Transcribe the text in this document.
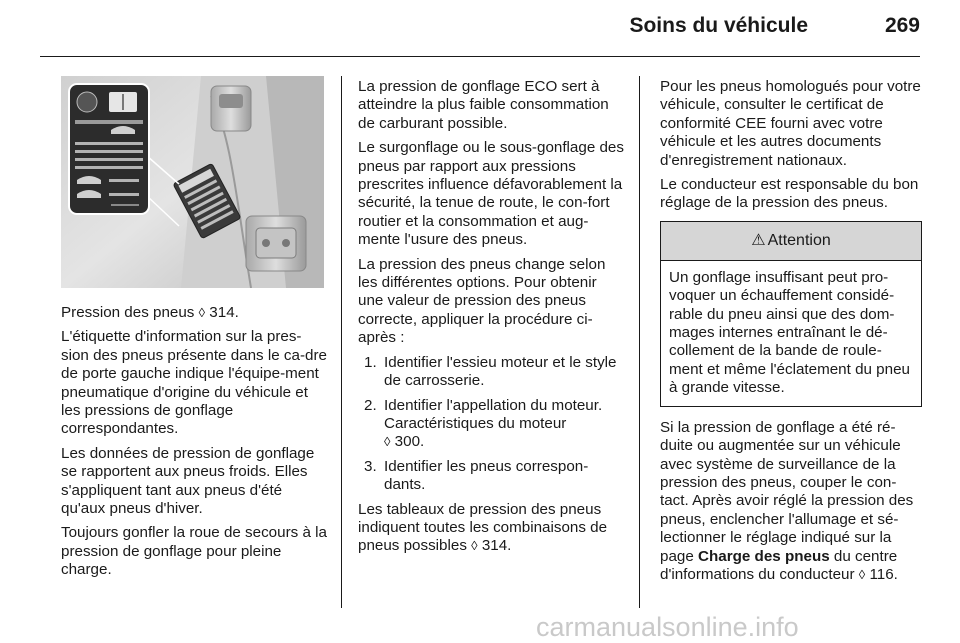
Soins du véhicule	269

Pression des pneus ◊ 314.

L'étiquette d'information sur la pres-sion des pneus présente dans le ca-dre de porte gauche indique l'équipe-ment pneumatique d'origine du véhicule et les pressions de gonflage correspondantes.

Les données de pression de gonflage se rapportent aux pneus froids. Elles s'appliquent tant aux pneus d'été qu'aux pneus d'hiver.

Toujours gonfler la roue de secours à la pression de gonflage pour pleine charge.

La pression de gonflage ECO sert à atteindre la plus faible consommation de carburant possible.

Le surgonflage ou le sous-gonflage des pneus par rapport aux pressions prescrites influence défavorablement la sécurité, la tenue de route, le con-fort routier et la consommation et aug-mente l'usure des pneus.

La pression des pneus change selon les différentes options. Pour obtenir une valeur de pression des pneus correcte, appliquer la procédure ci-après :

1. Identifier l'essieu moteur et le style de carrosserie.
2. Identifier l'appellation du moteur. Caractéristiques du moteur
◊ 300.
3. Identifier les pneus correspon-dants.

Les tableaux de pression des pneus indiquent toutes les combinaisons de pneus possibles ◊ 314.

Pour les pneus homologués pour votre véhicule, consulter le certificat de conformité CEE fourni avec votre véhicule et les autres documents d'enregistrement nationaux.

Le conducteur est responsable du bon réglage de la pression des pneus.

⚠ Attention
Un gonflage insuffisant peut pro-voquer un échauffement considé-rable du pneu ainsi que des dom-mages internes entraînant le dé-collement de la bande de roule-ment et même l'éclatement du pneu à grande vitesse.

Si la pression de gonflage a été ré-duite ou augmentée sur un véhicule avec système de surveillance de la pression des pneus, couper le con-tact. Après avoir réglé la pression des pneus, enclencher l'allumage et sé-lectionner le réglage indiqué sur la page Charge des pneus du centre d'informations du conducteur ◊ 116.

carmanualsonline.info
